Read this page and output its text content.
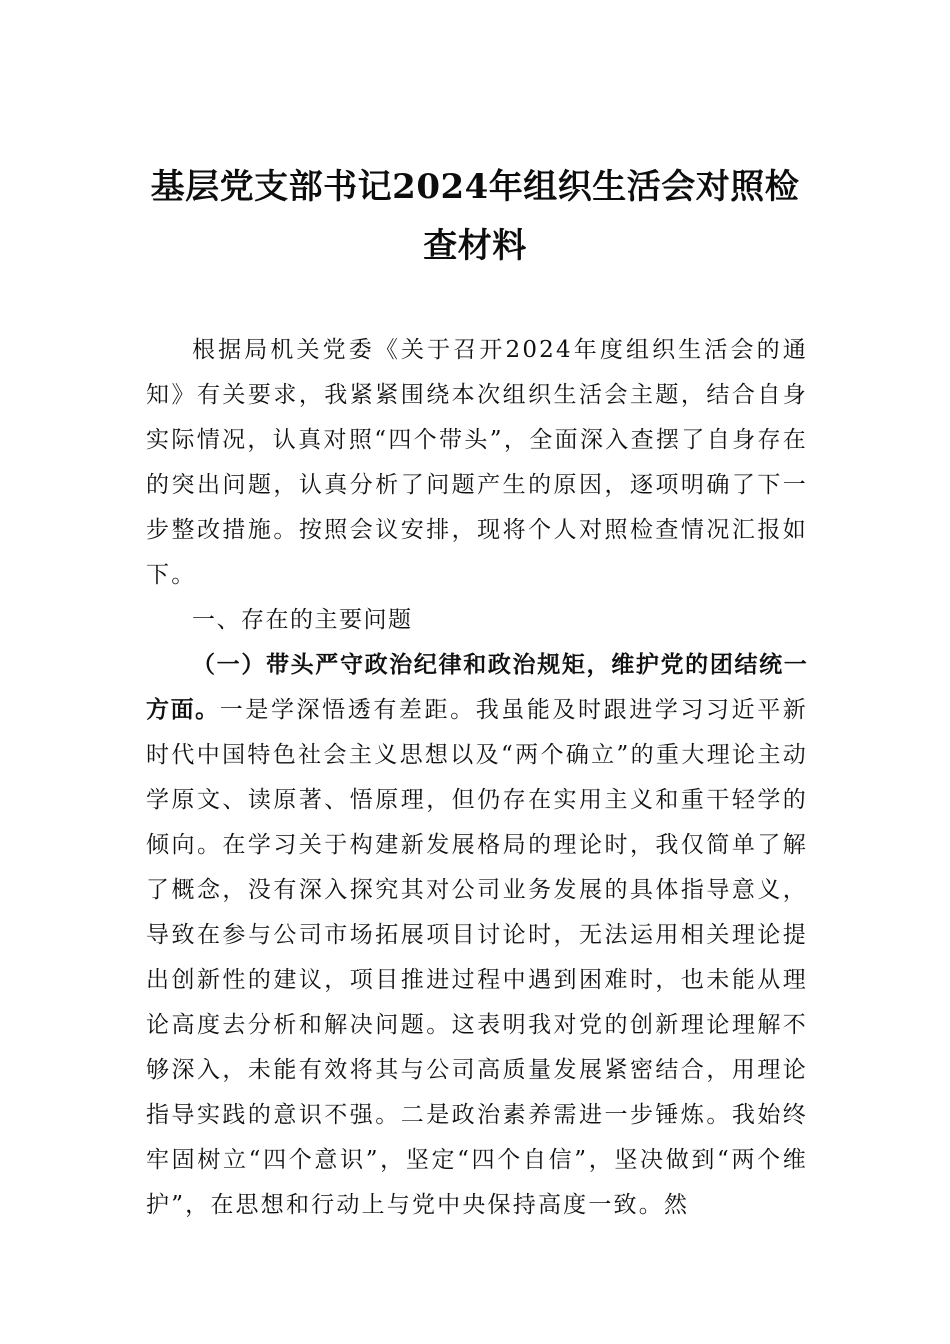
基层党支部书记2024年组织生活会对照检查材料

根据局机关党委《关于召开2024年度组织生活会的通知》有关要求，我紧紧围绕本次组织生活会主题，结合自身实际情况，认真对照“四个带头”，全面深入查摆了自身存在的突出问题，认真分析了问题产生的原因，逐项明确了下一步整改措施。按照会议安排，现将个人对照检查情况汇报如下。

一、存在的主要问题

（一）带头严守政治纪律和政治规矩，维护党的团结统一方面。一是学深悟透有差距。我虽能及时跟进学习习近平新时代中国特色社会主义思想以及“两个确立”的重大理论主动学原文、读原著、悟原理，但仍存在实用主义和重干轻学的倾向。在学习关于构建新发展格局的理论时，我仅简单了解了概念，没有深入探究其对公司业务发展的具体指导意义，导致在参与公司市场拓展项目讨论时，无法运用相关理论提出创新性的建议，项目推进过程中遇到困难时，也未能从理论高度去分析和解决问题。这表明我对党的创新理论理解不够深入，未能有效将其与公司高质量发展紧密结合，用理论指导实践的意识不强。二是政治素养需进一步锤炼。我始终牢固树立“四个意识”，坚定“四个自信”，坚决做到“两个维护”，在思想和行动上与党中央保持高度一致。然
